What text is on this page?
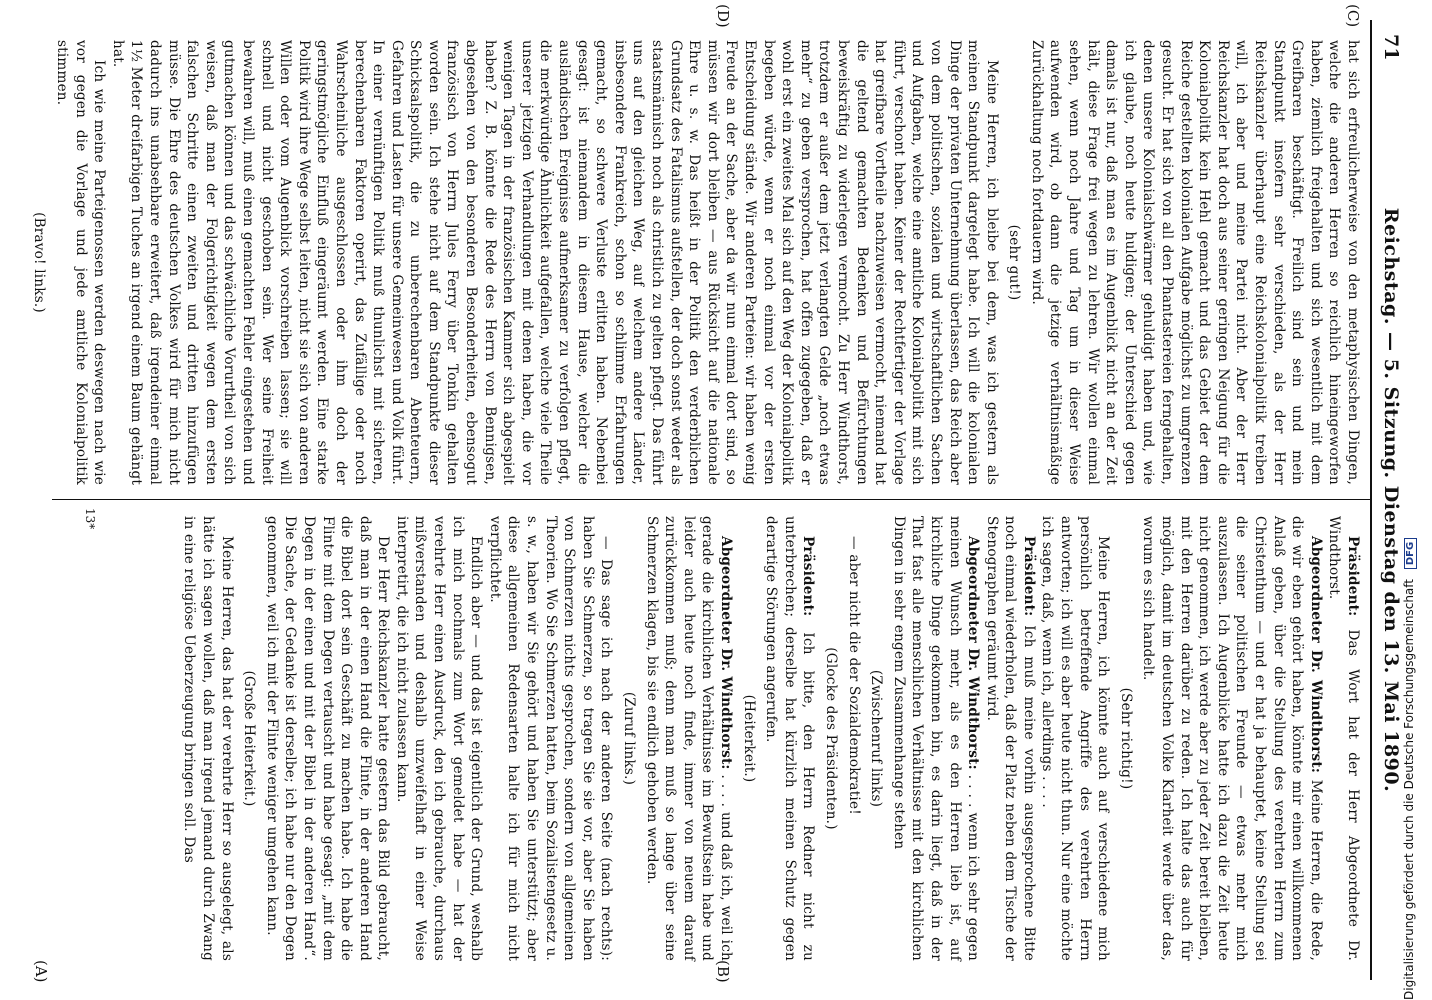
71
Reichstag. — 5. Sitzung. Dienstag den 13. Mai 1890.
(C)
(D)
(A)	(B)

hat sich erfreulicherweise von den metaphysischen Dingen, welche die anderen Herren so reichlich hineingeworfen haben, ziemlich freigehalten und sich wesentlich mit dem Greifbaren beschäftigt. Freilich sind sein und mein Standpunkt insofern sehr verschieden, als der Herr Reichskanzler überhaupt eine Reichskolonialpolitik treiben will, ich aber und meine Partei nicht. Aber der Herr Reichskanzler hat doch aus seiner geringen Neigung für die Kolonialpolitik kein Hehl gemacht und das Gebiet der dem Reiche gestellten kolonialen Aufgabe möglichst zu umgrenzen gesucht. Er hat sich von all den Phantastereien ferngehalten, denen unsere Kolonialschwärmer gehuldigt haben und, wie ich glaube, noch heute huldigen; der Unterschied gegen damals ist nur, daß man es im Augenblick nicht an der Zeit hält, diese Frage frei wegen zu lehren. Wir wollen einmal sehen, wenn noch Jahre und Tag um in dieser Weise aufwenden wird, ob dann die jetzige verhältnismäßige Zurückhaltung noch fortdauern wird.

(sehr gut!)

Meine Herren, ich bleibe bei dem, was ich gestern als meinen Standpunkt dargelegt habe. Ich will die kolonialen Dinge der privaten Unternehmung überlassen, das Reich aber von dem politischen, sozialen und wirtschaftlichen Sachen und Aufgaben, welche eine amtliche Kolonialpolitik mit sich führt, verschont haben. Keiner der Rechtfertiger der Vorlage hat greifbare Vortheile nachzuweisen vermocht, niemand hat die geltend gemachten Bedenken und Befürchtungen beweiskräftig zu widerlegen vermocht. Zu Herr Windthorst, trotzdem er außer dem jetzt verlangten Gelde „noch etwas mehr“ zu geben versprochen, hat offen zugegeben, daß er wohl erst ein zweites Mal sich auf den Weg der Kolonialpolitik begeben würde, wenn er noch einmal vor der ersten Entscheidung stände. Wir anderen Parteien: wir haben wenig Freude an der Sache, aber da wir nun einmal dort sind, so müssen wir dort bleiben — aus Rücksicht auf die nationale Ehre u. s. w. Das heißt in der Politik den verderblichen Grundsatz des Fatalismus aufstellen, der doch sonst weder als staatsmännisch noch als christlich zu gelten pflegt. Das führt uns auf den gleichen Weg, auf welchem andere Länder, insbesondere Frankreich, schon so schlimme Erfahrungen gemacht, so schwere Verluste erlitten haben. Nebenbei gesagt: ist niemandem in diesem Hause, welcher die ausländischen Ereignisse aufmerksamer zu verfolgen pflegt, die merkwürdige Ähnlichkeit aufgefallen, welche viele Theile unserer jetzigen Verhandlungen mit denen haben, die vor wenigen Tagen in der französischen Kammer sich abgespielt haben? Z. B. könnte die Rede des Herrn von Bennigsen, abgesehen von den besonderen Besonderheiten, ebensogut französisch von Herrn Jules Ferry über Tonkin gehalten worden sein. Ich stehe nicht auf dem Standpunkte dieser Schicksalspolitik, die zu unberechenbaren Abenteuern, Gefahren und Lasten für unsere Gemeinwesen und Volk führt. In einer vernünftigen Politik muß thunlichst mit sicheren, berechenbaren Faktoren operirt, das Zufällige oder noch Wahrscheinliche ausgeschlossen oder ihm doch der geringstmögliche Einfluß eingeräumt werden. Eine starke Politik wird ihre Wege selbst leiten, nicht sie sich von anderen Willen oder vom Augenblick vorschreiben lassen; sie will schnell und nicht geschoben sein. Wer seine Freiheit bewahren will, muß einen gemachten Fehler eingestehen und gutmachen können und das schwächliche Vorurtheil von sich weisen, daß man der Folgerichtigkeit wegen dem ersten falschen Schritte einen zweiten und dritten hinzufügen müsse. Die Ehre des deutschen Volkes wird für mich nicht dadurch ins unabsehbare erweitert, daß irgendeiner einmal 1½ Meter dreifarbigen Tuches an irgend einem Baum gehängt hat.

Ich wie meine Parteigenossen werden deswegen nach wie vor gegen die Vorlage und jede amtliche Kolonialpolitik stimmen.

(Bravo! links.)

Präsident: Das Wort hat der Herr Abgeordnete Dr. Windthorst.

Abgeordneter Dr. Windthorst: Meine Herren, die Rede, die wir eben gehört haben, könnte mir einen willkommenen Anlaß geben, über die Stellung des verehrten Herrn zum Christenthum — und er hat ja behauptet, keine Stellung sei die seiner politischen Freunde — etwas mehr mich auszulassen. Ich Augenblicke hatte ich dazu die Zeit heute nicht genommen, ich werde aber zu jeder Zeit bereit bleiben, mit den Herren darüber zu reden. Ich halte das auch für möglich, damit im deutschen Volke Klarheit werde über das, worum es sich handelt.

(Sehr richtig!)

Meine Herren, ich könnte auch auf verschiedene mich persönlich betreffende Angriffe des verehrten Herrn antworten; ich will es aber heute nicht thun. Nur eine möchte ich sagen, daß, wenn ich, allerdings . . . .

Präsident: Ich muß meine vorhin ausgesprochene Bitte noch einmal wiederholen, daß der Platz neben dem Tische der Stenographen geräumt wird.

Abgeordneter Dr. Windthorst: . . . . wenn ich sehr gegen meinen Wunsch mehr, als es den Herren lieb ist, auf kirchliche Dinge gekommen bin, es darin liegt, daß in der That fast alle menschlichen Verhältnisse mit den kirchlichen Dingen in sehr engem Zusammenhange stehen

(Zwischenruf links)

— aber nicht die der Sozialdemokratie!

(Glocke des Präsidenten.)

Präsident: Ich bitte, den Herrn Redner nicht zu unterbrechen; derselbe hat kürzlich meinen Schutz gegen derartige Störungen angerufen.

(Heiterkeit.)

Abgeordneter Dr. Windthorst: . . . . und daß ich, weil ich gerade die kirchlichen Verhältnisse im Bewußtsein habe und leider auch heute noch finde, immer von neuem darauf zurückkommen muß; denn man muß so lange über seine Schmerzen klagen, bis sie endlich gehoben werden.

(Zuruf links.)

— Das sage ich nach der anderen Seite (nach rechts): haben Sie Schmerzen, so tragen Sie sie vor, aber Sie haben von Schmerzen nichts gesprochen, sondern von allgemeinen Theorien. Wo Sie Schmerzen hatten, beim Sozialistengesetz u. s. w., haben wir Sie gehört und haben Sie unterstützt; aber diese allgemeinen Redensarten halte ich für mich nicht verpflichtet.

Endlich aber — und das ist eigentlich der Grund, weshalb ich mich nochmals zum Wort gemeldet habe — hat der verehrte Herr einen Ausdruck, den ich gebrauche, durchaus mißverstanden und deshalb unzweifelhaft in einer Weise interpretirt, die ich nicht zulassen kann.

Der Herr Reichskanzler hatte gestern das Bild gebraucht, daß man in der einen Hand die Flinte, in der anderen Hand die Bibel dort sein Geschäft zu machen habe. Ich habe die Flinte mit dem Degen vertauscht und habe gesagt: „mit dem Degen in der einen und mit der Bibel in der anderen Hand“. Die Sache, der Gedanke ist derselbe; ich habe nur den Degen genommen, weil ich mit der Flinte weniger umgehen kann.

(Große Heiterkeit.)

Meine Herren, das hat der verehrte Herr so ausgelegt, als hätte ich sagen wollen, daß man irgend jemand durch Zwang in eine religiöse Ueberzeugung bringen soll. Das

13*
Digitalisierung gefördert durch die Deutsche Forschungsgemeinschaft DFG
